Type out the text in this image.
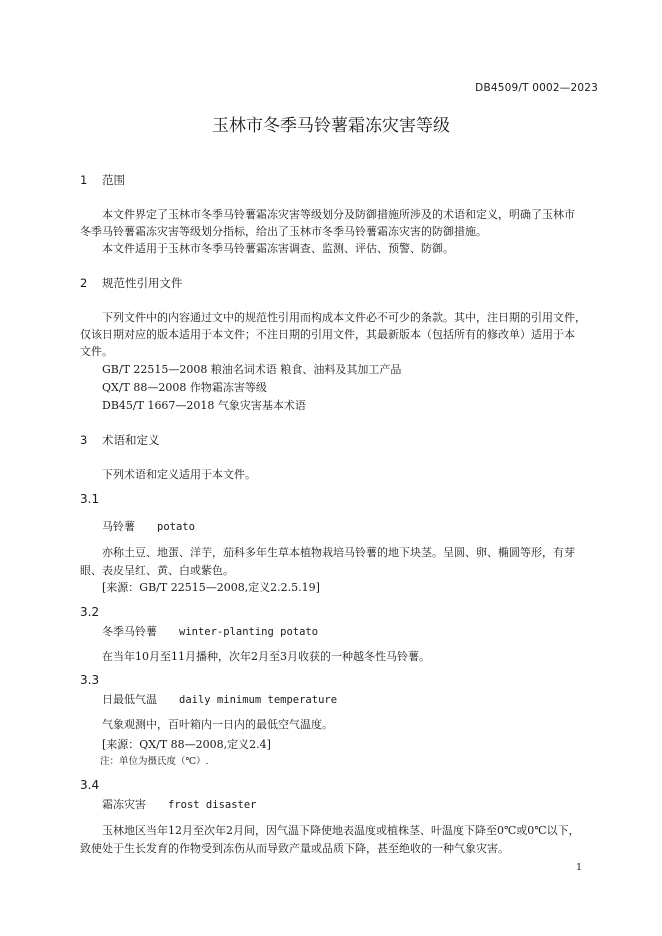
DB4509/T 0002—2023
玉林市冬季马铃薯霜冻灾害等级
1 范围
本文件界定了玉林市冬季马铃薯霜冻灾害等级划分及防御措施所涉及的术语和定义，明确了玉林市
冬季马铃薯霜冻灾害等级划分指标，给出了玉林市冬季马铃薯霜冻灾害的防御措施。
本文件适用于玉林市冬季马铃薯霜冻害调查、监测、评估、预警、防御。
2 规范性引用文件
下列文件中的内容通过文中的规范性引用而构成本文件必不可少的条款。其中，注日期的引用文件，
仅该日期对应的版本适用于本文件；不注日期的引用文件，其最新版本（包括所有的修改单）适用于本
文件。
GB/T 22515—2008 粮油名词术语 粮食、油料及其加工产品
QX/T 88—2008 作物霜冻害等级
DB45/T 1667—2018 气象灾害基本术语
3 术语和定义
下列术语和定义适用于本文件。
3.1
马铃薯 potato
亦称土豆、地蛋、洋芋，茄科多年生草本植物栽培马铃薯的地下块茎。呈圆、卵、椭圆等形，有芽
眼、表皮呈红、黄、白或紫色。
[来源：GB/T 22515—2008,定义2.2.5.19]
3.2
冬季马铃薯 winter-planting potato
在当年10月至11月播种，次年2月至3月收获的一种越冬性马铃薯。
3.3
日最低气温 daily minimum temperature
气象观测中，百叶箱内一日内的最低空气温度。
[来源：QX/T 88—2008,定义2.4]
注：单位为摄氏度（℃）.
3.4
霜冻灾害 frost disaster
玉林地区当年12月至次年2月间，因气温下降使地表温度或植株茎、叶温度下降至0℃或0℃以下，
致使处于生长发育的作物受到冻伤从而导致产量或品质下降，甚至绝收的一种气象灾害。
1
